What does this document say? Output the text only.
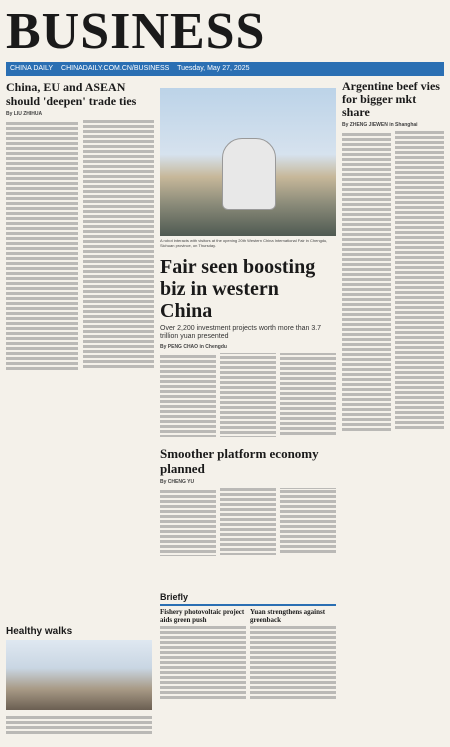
BUSINESS
CHINA DAILY CHINADAILY.COM.CN/BUSINESS Tuesday, May 27, 2025
China, EU and ASEAN should 'deepen' trade ties
By LIU ZHIHUA
A robot interacts with visitors at the opening 20th Western China International Fair in Chengdu, Sichuan province, on Thursday.
Fair seen boosting biz in western China
Over 2,200 investment projects worth more than 3.7 trillion yuan presented
By PENG CHAO in Chengdu
Argentine beef vies for bigger mkt share
By ZHENG JIEWEN in Shanghai
Smoother platform economy planned
By CHENG YU
Healthy walks
Briefly
Fishery photovoltaic project aids green push
Yuan strengthens against greenback
